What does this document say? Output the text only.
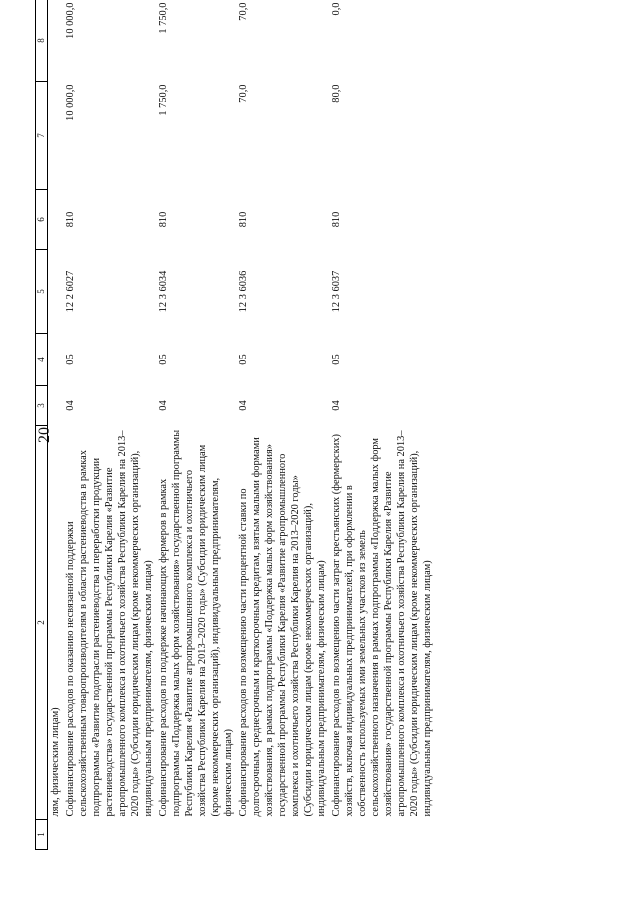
20
1	2	3	4	5	6	7	8
	лям, физическим лицам)						
	Софинансирование расходов по оказанию несвязанной поддержки сельскохозяйственным товаропроизводителям в области растениеводства в рамках подпрограммы «Развитие подотрасли растениеводства и переработки продукции растениеводства» государственной программы Республики Карелия «Развитие агропромышленного комплекса и охотничьего хозяйства Республики Карелия на 2013–2020 годы» (Субсидии юридическим лицам (кроме некоммерческих организаций), индивидуальным предпринимателям, физическим лицам)	04	05	12 2 6027	810	10 000,0	10 000,0
	Софинансирование расходов по поддержке начинающих фермеров в рамках подпрограммы «Поддержка малых форм хозяйствования» государственной программы Республики Карелия «Развитие агропромышленного комплекса и охотничьего хозяйства Республики Карелия на 2013–2020 годы» (Субсидии юридическим лицам (кроме некоммерческих организаций), индивидуальным предпринимателям, физическим лицам)	04	05	12 3 6034	810	1 750,0	1 750,0
	Софинансирование расходов по возмещению части процентной ставки по долгосрочным, среднесрочным и краткосрочным кредитам, взятым малыми формами хозяйствования, в рамках подпрограммы «Поддержка малых форм хозяйствования» государственной программы Республики Карелия «Развитие агропромышленного комплекса и охотничьего хозяйства Республики Карелия на 2013–2020 годы» (Субсидии юридическим лицам (кроме некоммерческих организаций), индивидуальным предпринимателям, физическим лицам)	04	05	12 3 6036	810	70,0	70,0
	Софинансирование расходов по возмещению части затрат крестьянских (фермерских) хозяйств, включая индивидуальных предпринимателей, при оформлении в собственность используемых ими земельных участков из земель сельскохозяйственного назначения в рамках подпрограммы «Поддержка малых форм хозяйствования» государственной программы Республики Карелия «Развитие агропромышленного комплекса и охотничьего хозяйства Республики Карелия на 2013–2020 годы» (Субсидии юридическим лицам (кроме некоммерческих организаций), индивидуальным предпринимателям, физическим лицам)	04	05	12 3 6037	810	80,0	0,0
